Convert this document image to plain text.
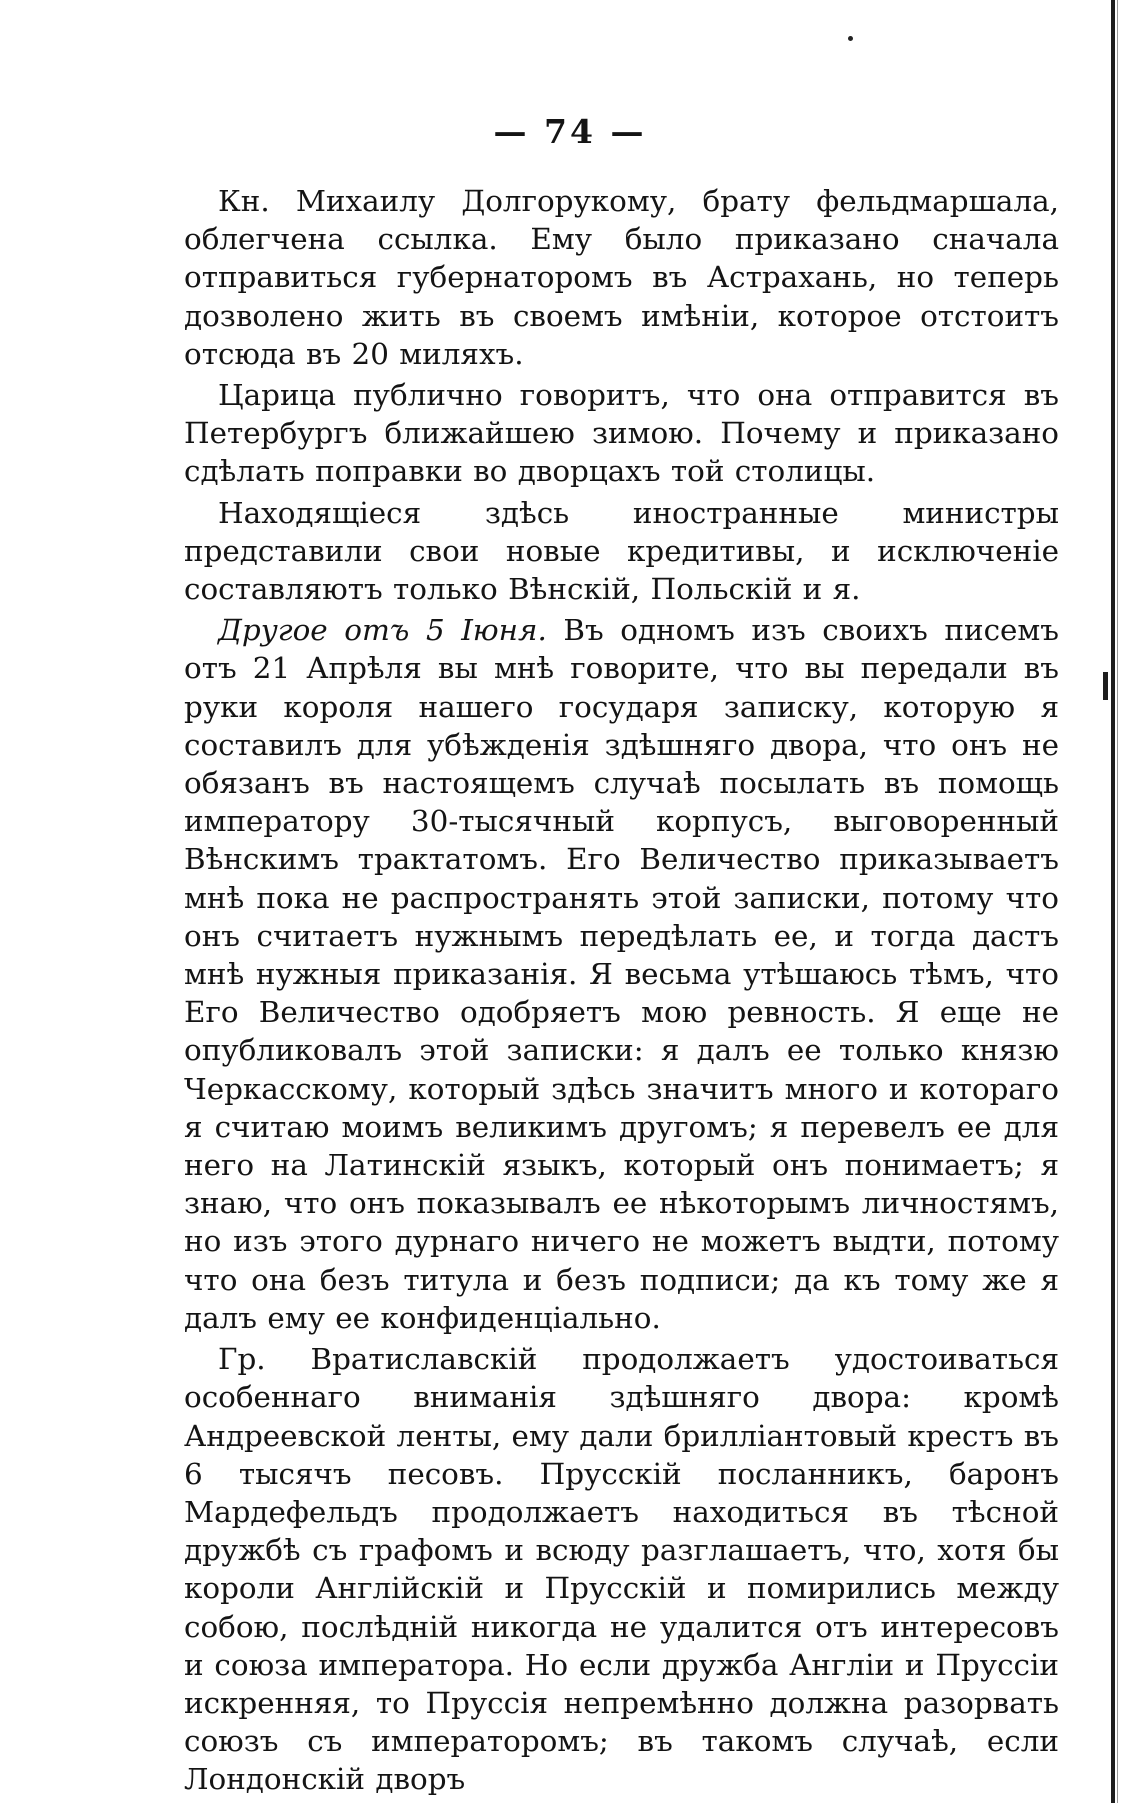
— 74 —

Кн. Михаилу Долгорукому, брату фельдмаршала, облегчена ссылка. Ему было приказано сначала отправиться губернаторомъ въ Астрахань, но теперь дозволено жить въ своемъ имѣніи, которое отстоитъ отсюда въ 20 миляхъ.

Царица публично говоритъ, что она отправится въ Петербургъ ближайшею зимою. Почему и приказано сдѣлать поправки во дворцахъ той столицы.

Находящіеся здѣсь иностранные министры представили свои новые кредитивы, и исключеніе составляютъ только Вѣнскій, Польскій и я.

Другое отъ 5 Іюня. Въ одномъ изъ своихъ писемъ отъ 21 Апрѣля вы мнѣ говорите, что вы передали въ руки короля нашего государя записку, которую я составилъ для убѣжденія здѣшняго двора, что онъ не обязанъ въ настоящемъ случаѣ посылать въ помощь императору 30-тысячный корпусъ, выговоренный Вѣнскимъ трактатомъ. Его Величество приказываетъ мнѣ пока не распространять этой записки, потому что онъ считаетъ нужнымъ передѣлать ее, и тогда дастъ мнѣ нужныя приказанія. Я весьма утѣшаюсь тѣмъ, что Его Величество одобряетъ мою ревность. Я еще не опубликовалъ этой записки: я далъ ее только князю Черкасскому, который здѣсь значитъ много и котораго я считаю моимъ великимъ другомъ; я перевелъ ее для него на Латинскій языкъ, который онъ понимаетъ; я знаю, что онъ показывалъ ее нѣкоторымъ личностямъ, но изъ этого дурнаго ничего не можетъ выдти, потому что она безъ титула и безъ подписи; да къ тому же я далъ ему ее конфиденціально.

Гр. Вратиславскій продолжаетъ удостоиваться особеннаго вниманія здѣшняго двора: кромѣ Андреевской ленты, ему дали брилліантовый крестъ въ 6 тысячъ песовъ. Прусскій посланникъ, баронъ Мардефельдъ продолжаетъ находиться въ тѣсной дружбѣ съ графомъ и всюду разглашаетъ, что, хотя бы короли Англійскій и Прусскій и помирились между собою, послѣдній никогда не удалится отъ интересовъ и союза императора. Но если дружба Англіи и Пруссіи искренняя, то Пруссія непремѣнно должна разорвать союзъ съ императоромъ; въ такомъ случаѣ, если Лондонскій дворъ
